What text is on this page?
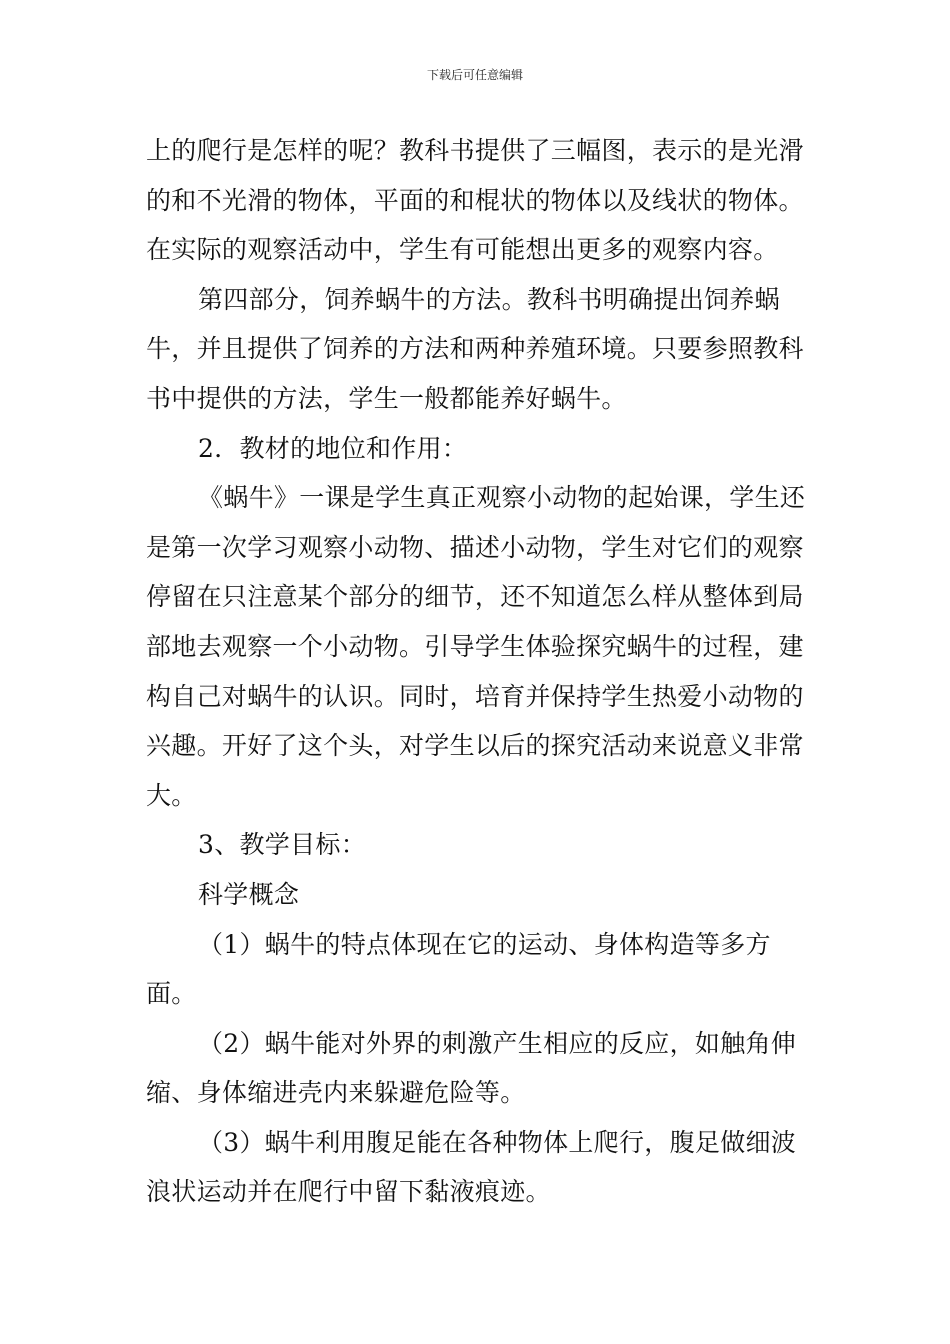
下载后可任意编辑

上的爬行是怎样的呢？教科书提供了三幅图，表示的是光滑的和不光滑的物体，平面的和棍状的物体以及线状的物体。在实际的观察活动中，学生有可能想出更多的观察内容。

第四部分，饲养蜗牛的方法。教科书明确提出饲养蜗牛，并且提供了饲养的方法和两种养殖环境。只要参照教科书中提供的方法，学生一般都能养好蜗牛。

2．教材的地位和作用：

《蜗牛》一课是学生真正观察小动物的起始课，学生还是第一次学习观察小动物、描述小动物，学生对它们的观察停留在只注意某个部分的细节，还不知道怎么样从整体到局部地去观察一个小动物。引导学生体验探究蜗牛的过程，建构自己对蜗牛的认识。同时，培育并保持学生热爱小动物的兴趣。开好了这个头，对学生以后的探究活动来说意义非常大。

3、教学目标：

科学概念

（1）蜗牛的特点体现在它的运动、身体构造等多方面。

（2）蜗牛能对外界的刺激产生相应的反应，如触角伸缩、身体缩进壳内来躲避危险等。

（3）蜗牛利用腹足能在各种物体上爬行，腹足做细波浪状运动并在爬行中留下黏液痕迹。
